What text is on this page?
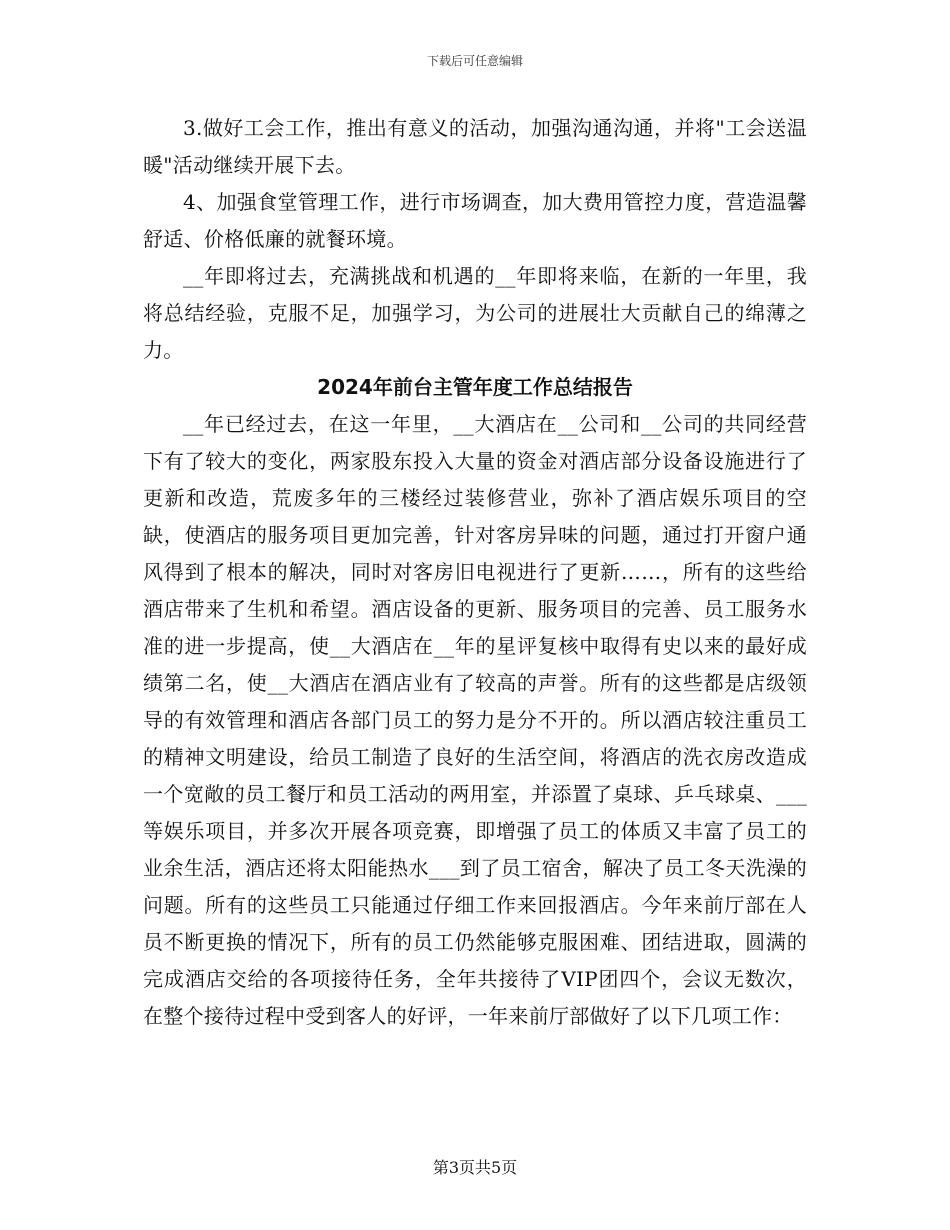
下载后可任意编辑

3.做好工会工作，推出有意义的活动，加强沟通沟通，并将"工会送温暖"活动继续开展下去。

4、加强食堂管理工作，进行市场调查，加大费用管控力度，营造温馨舒适、价格低廉的就餐环境。

__年即将过去，充满挑战和机遇的__年即将来临，在新的一年里，我将总结经验，克服不足，加强学习，为公司的进展壮大贡献自己的绵薄之力。

2024年前台主管年度工作总结报告

__年已经过去，在这一年里，__大酒店在__公司和__公司的共同经营下有了较大的变化，两家股东投入大量的资金对酒店部分设备设施进行了更新和改造，荒废多年的三楼经过装修营业，弥补了酒店娱乐项目的空缺，使酒店的服务项目更加完善，针对客房异味的问题，通过打开窗户通风得到了根本的解决，同时对客房旧电视进行了更新……，所有的这些给酒店带来了生机和希望。酒店设备的更新、服务项目的完善、员工服务水准的进一步提高，使__大酒店在__年的星评复核中取得有史以来的最好成绩第二名，使__大酒店在酒店业有了较高的声誉。所有的这些都是店级领导的有效管理和酒店各部门员工的努力是分不开的。所以酒店较注重员工的精神文明建设，给员工制造了良好的生活空间，将酒店的洗衣房改造成一个宽敞的员工餐厅和员工活动的两用室，并添置了桌球、乒乓球桌、___等娱乐项目，并多次开展各项竞赛，即增强了员工的体质又丰富了员工的业余生活，酒店还将太阳能热水___到了员工宿舍，解决了员工冬天洗澡的问题。所有的这些员工只能通过仔细工作来回报酒店。今年来前厅部在人员不断更换的情况下，所有的员工仍然能够克服困难、团结进取，圆满的完成酒店交给的各项接待任务，全年共接待了VIP团四个，会议无数次，在整个接待过程中受到客人的好评，一年来前厅部做好了以下几项工作：

第3页共5页
